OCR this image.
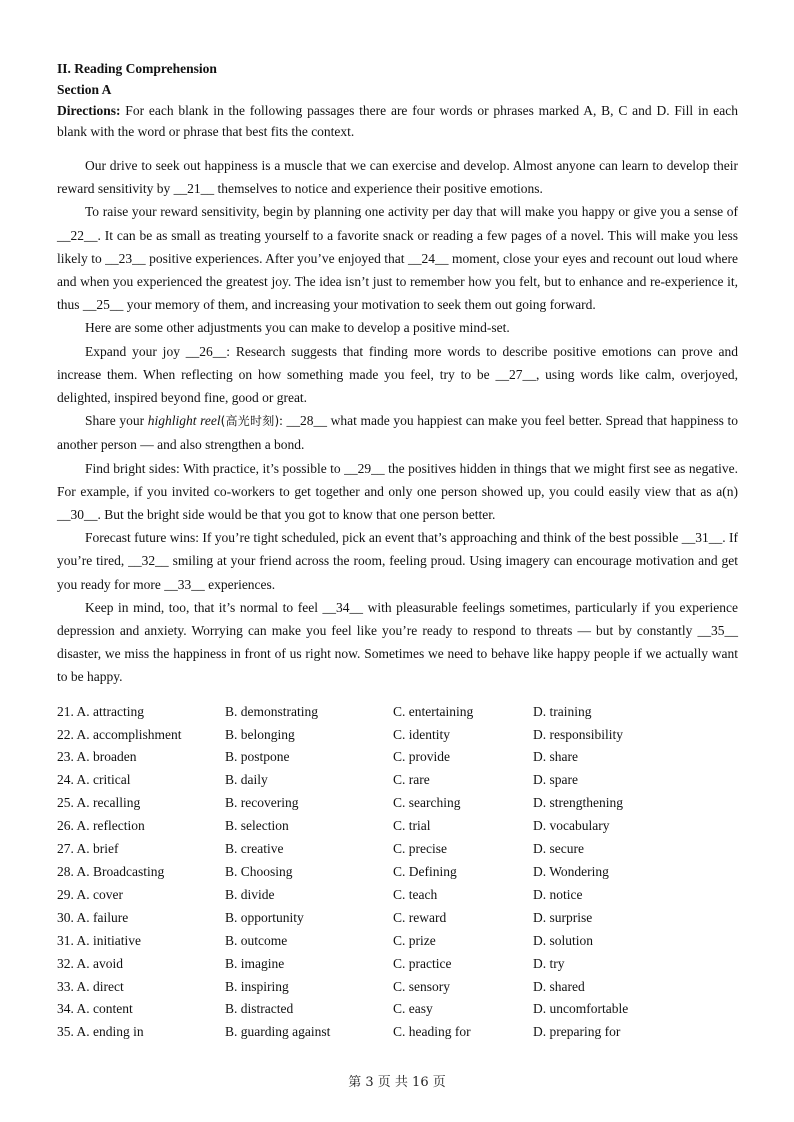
II. Reading Comprehension
Section A
Directions: For each blank in the following passages there are four words or phrases marked A, B, C and D. Fill in each blank with the word or phrase that best fits the context.

Our drive to seek out happiness is a muscle that we can exercise and develop. Almost anyone can learn to develop their reward sensitivity by __21__ themselves to notice and experience their positive emotions.

To raise your reward sensitivity, begin by planning one activity per day that will make you happy or give you a sense of __22__. It can be as small as treating yourself to a favorite snack or reading a few pages of a novel. This will make you less likely to __23__ positive experiences. After you’ve enjoyed that __24__ moment, close your eyes and recount out loud where and when you experienced the greatest joy. The idea isn’t just to remember how you felt, but to enhance and re-experience it, thus __25__ your memory of them, and increasing your motivation to seek them out going forward.

Here are some other adjustments you can make to develop a positive mind-set.

Expand your joy __26__: Research suggests that finding more words to describe positive emotions can prove and increase them. When reflecting on how something made you feel, try to be __27__, using words like calm, overjoyed, delighted, inspired beyond fine, good or great.

Share your highlight reel(高光时刻): __28__ what made you happiest can make you feel better. Spread that happiness to another person — and also strengthen a bond.

Find bright sides: With practice, it’s possible to __29__ the positives hidden in things that we might first see as negative. For example, if you invited co-workers to get together and only one person showed up, you could easily view that as a(n) __30__. But the bright side would be that you got to know that one person better.

Forecast future wins: If you’re tight scheduled, pick an event that’s approaching and think of the best possible __31__. If you’re tired, __32__ smiling at your friend across the room, feeling proud. Using imagery can encourage motivation and get you ready for more __33__ experiences.

Keep in mind, too, that it’s normal to feel __34__ with pleasurable feelings sometimes, particularly if you experience depression and anxiety. Worrying can make you feel like you’re ready to respond to threats — but by constantly __35__ disaster, we miss the happiness in front of us right now. Sometimes we need to behave like happy people if we actually want to be happy.

21. A. attracting	B. demonstrating	C. entertaining	D. training
22. A. accomplishment	B. belonging	C. identity	D. responsibility
23. A. broaden	B. postpone	C. provide	D. share
24. A. critical	B. daily	C. rare	D. spare
25. A. recalling	B. recovering	C. searching	D. strengthening
26. A. reflection	B. selection	C. trial	D. vocabulary
27. A. brief	B. creative	C. precise	D. secure
28. A. Broadcasting	B. Choosing	C. Defining	D. Wondering
29. A. cover	B. divide	C. teach	D. notice
30. A. failure	B. opportunity	C. reward	D. surprise
31. A. initiative	B. outcome	C. prize	D. solution
32. A. avoid	B. imagine	C. practice	D. try
33. A. direct	B. inspiring	C. sensory	D. shared
34. A. content	B. distracted	C. easy	D. uncomfortable
35. A. ending in	B. guarding against	C. heading for	D. preparing for
第 3 页 共 16 页
